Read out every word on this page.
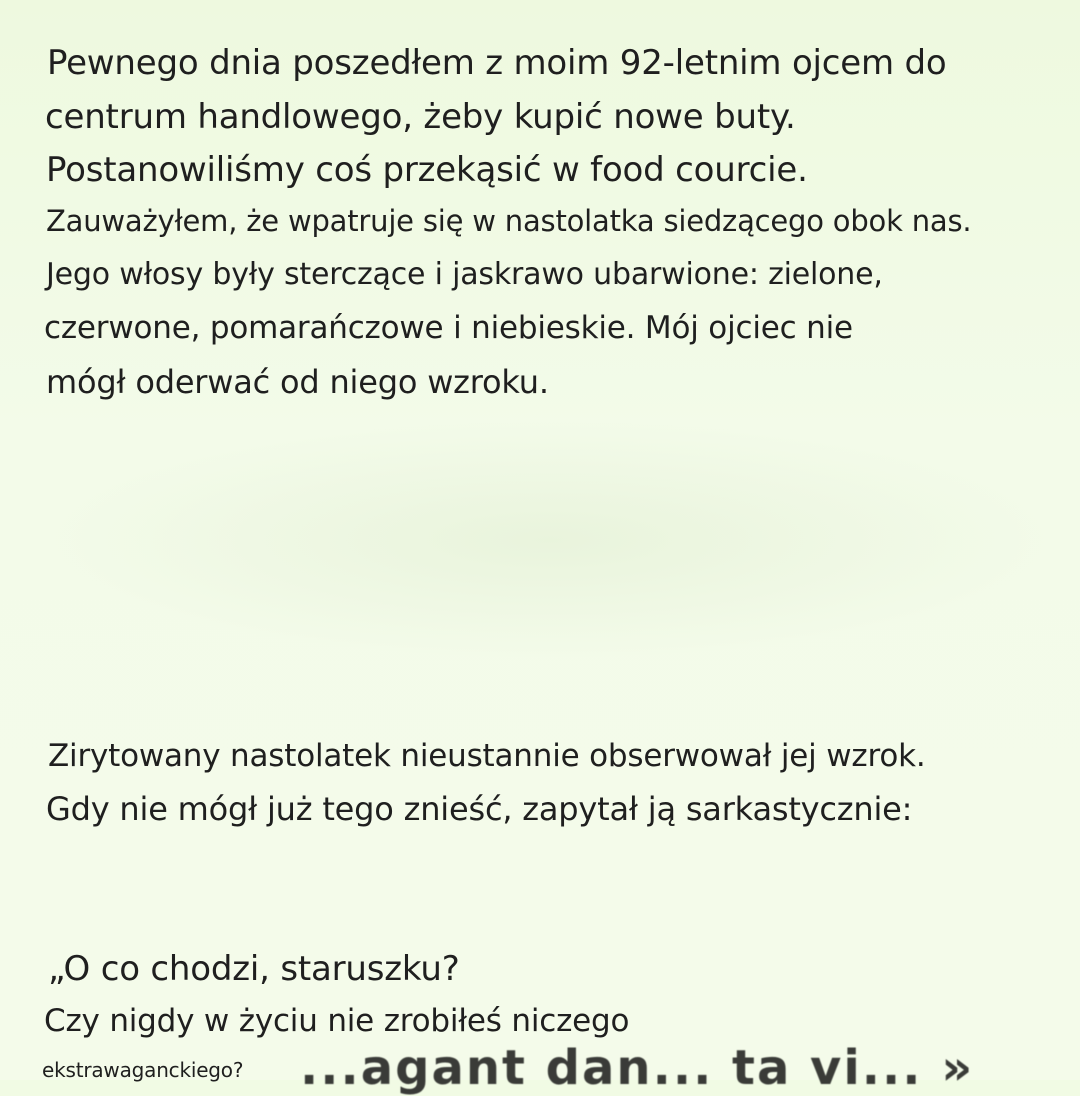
Pewnego dnia poszedłem z moim 92-letnim ojcem do
centrum handlowego, żeby kupić nowe buty.
Postanowiliśmy coś przekąsić w food courcie.
Zauważyłem, że wpatruje się w nastolatka siedzącego obok nas.
Jego włosy były sterczące i jaskrawo ubarwione: zielone,
czerwone, pomarańczowe i niebieskie. Mój ojciec nie
mógł oderwać od niego wzroku.
Zirytowany nastolatek nieustannie obserwował jej wzrok.
Gdy nie mógł już tego znieść, zapytał ją sarkastycznie:
...agant dan... ta vi... »
„O co chodzi, staruszku?
Czy nigdy w życiu nie zrobiłeś niczego
ekstrawaganckiego?
